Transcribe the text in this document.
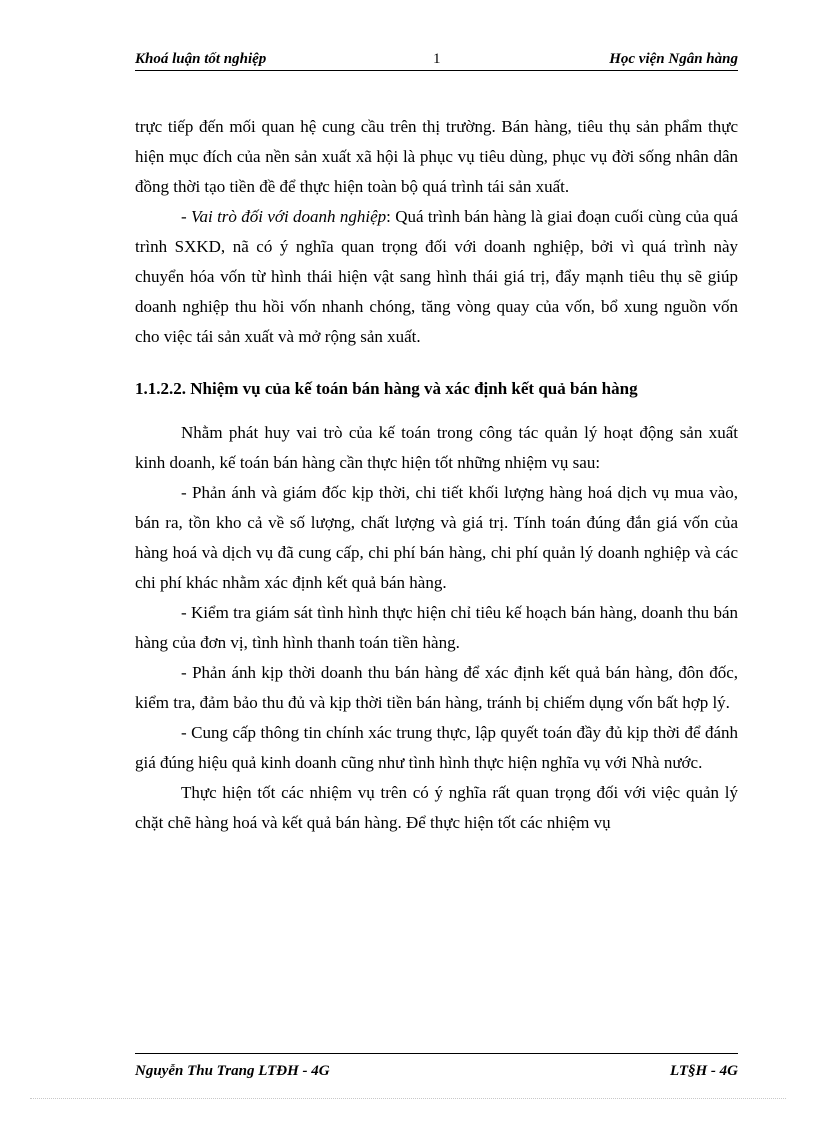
Khoá luận tốt nghiệp	1	Học viện Ngân hàng

trực tiếp đến mối quan hệ cung cầu trên thị trường. Bán hàng, tiêu thụ sản phẩm thực hiện mục đích của nền sản xuất xã hội là phục vụ tiêu dùng, phục vụ đời sống nhân dân đồng thời tạo tiền đề để thực hiện toàn bộ quá trình tái sản xuất.

- Vai trò đối với doanh nghiệp: Quá trình bán hàng là giai đoạn cuối cùng của quá trình SXKD, nã có ý nghĩa quan trọng đối với doanh nghiệp, bởi vì quá trình này chuyển hóa vốn từ hình thái hiện vật sang hình thái giá trị, đẩy mạnh tiêu thụ sẽ giúp doanh nghiệp thu hồi vốn nhanh chóng, tăng vòng quay của vốn, bổ xung nguồn vốn cho việc tái sản xuất và mở rộng sản xuất.

1.1.2.2. Nhiệm vụ của kế toán bán hàng và xác định kết quả bán hàng

Nhằm phát huy vai trò của kế toán trong công tác quản lý hoạt động sản xuất kinh doanh, kế toán bán hàng cần thực hiện tốt những nhiệm vụ sau:

- Phản ánh và giám đốc kịp thời, chi tiết khối lượng hàng hoá dịch vụ mua vào, bán ra, tồn kho cả về số lượng, chất lượng và giá trị. Tính toán đúng đắn giá vốn của hàng hoá và dịch vụ đã cung cấp, chi phí bán hàng, chi phí quản lý doanh nghiệp và các chi phí khác nhằm xác định kết quả bán hàng.

- Kiểm tra giám sát tình hình thực hiện chỉ tiêu kế hoạch bán hàng, doanh thu bán hàng của đơn vị, tình hình thanh toán tiền hàng.

- Phản ánh kịp thời doanh thu bán hàng để xác định kết quả bán hàng, đôn đốc, kiểm tra, đảm bảo thu đủ và kịp thời tiền bán hàng, tránh bị chiếm dụng vốn bất hợp lý.

- Cung cấp thông tin chính xác trung thực, lập quyết toán đầy đủ kịp thời để đánh giá đúng hiệu quả kinh doanh cũng như tình hình thực hiện nghĩa vụ với Nhà nước.

Thực hiện tốt các nhiệm vụ trên có ý nghĩa rất quan trọng đối với việc quản lý chặt chẽ hàng hoá và kết quả bán hàng. Để thực hiện tốt các nhiệm vụ

Nguyễn Thu Trang LTĐH - 4G	LT§H - 4G
